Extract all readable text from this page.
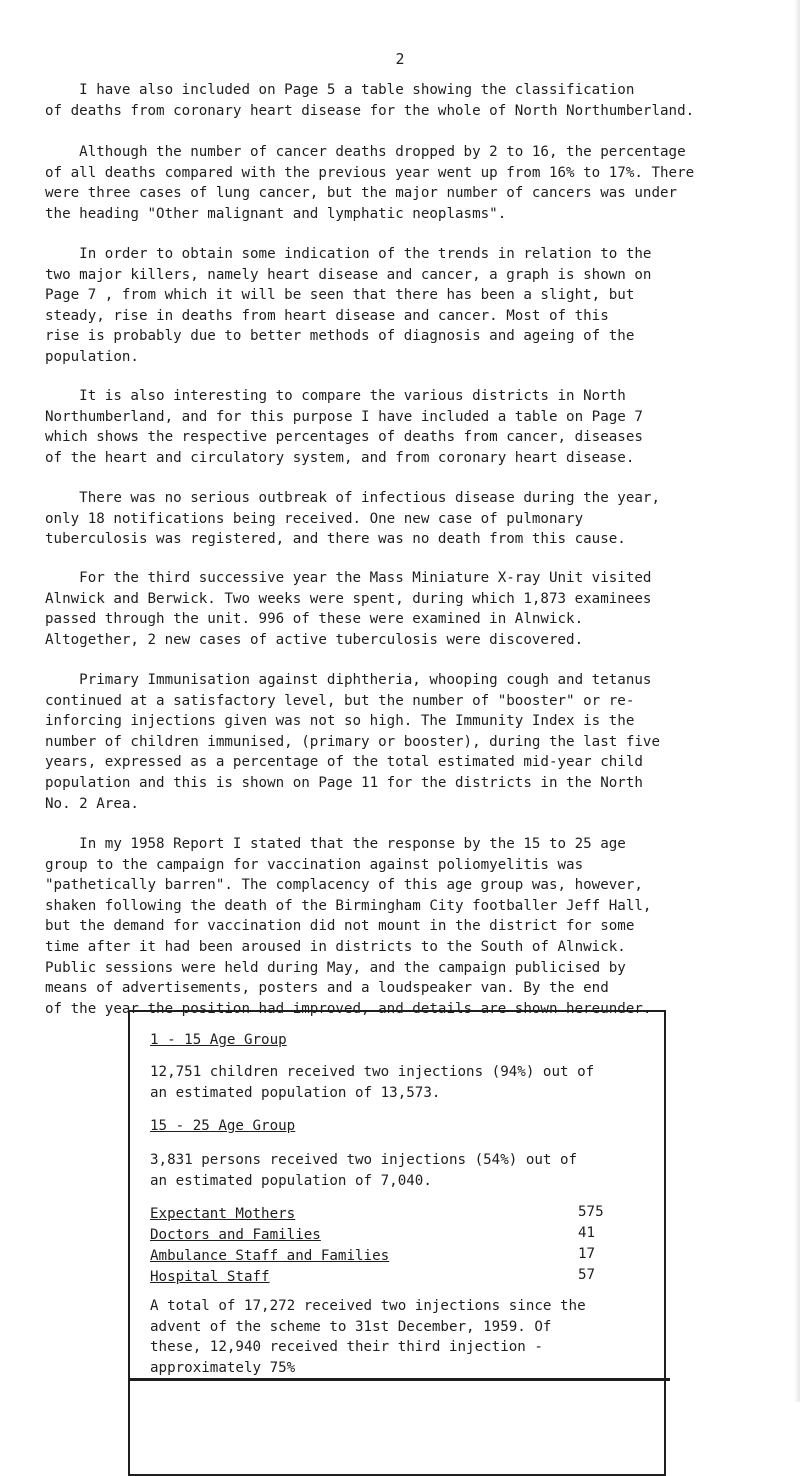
2

I have also included on Page 5 a table showing the classification
of deaths from coronary heart disease for the whole of North Northumberland.

Although the number of cancer deaths dropped by 2 to 16, the percentage
of all deaths compared with the previous year went up from 16% to 17%. There
were three cases of lung cancer, but the major number of cancers was under
the heading "Other malignant and lymphatic neoplasms".

In order to obtain some indication of the trends in relation to the
two major killers, namely heart disease and cancer, a graph is shown on
Page 7 , from which it will be seen that there has been a slight, but
steady, rise in deaths from heart disease and cancer. Most of this
rise is probably due to better methods of diagnosis and ageing of the
population.

It is also interesting to compare the various districts in North
Northumberland, and for this purpose I have included a table on Page 7
which shows the respective percentages of deaths from cancer, diseases
of the heart and circulatory system, and from coronary heart disease.

There was no serious outbreak of infectious disease during the year,
only 18 notifications being received. One new case of pulmonary
tuberculosis was registered, and there was no death from this cause.

For the third successive year the Mass Miniature X-ray Unit visited
Alnwick and Berwick. Two weeks were spent, during which 1,873 examinees
passed through the unit. 996 of these were examined in Alnwick.
Altogether, 2 new cases of active tuberculosis were discovered.

Primary Immunisation against diphtheria, whooping cough and tetanus
continued at a satisfactory level, but the number of "booster" or re-
inforcing injections given was not so high. The Immunity Index is the
number of children immunised, (primary or booster), during the last five
years, expressed as a percentage of the total estimated mid-year child
population and this is shown on Page 11 for the districts in the North
No. 2 Area.

In my 1958 Report I stated that the response by the 15 to 25 age
group to the campaign for vaccination against poliomyelitis was
"pathetically barren". The complacency of this age group was, however,
shaken following the death of the Birmingham City footballer Jeff Hall,
but the demand for vaccination did not mount in the district for some
time after it had been aroused in districts to the South of Alnwick.
Public sessions were held during May, and the campaign publicised by
means of advertisements, posters and a loudspeaker van. By the end
of the year the position had improved, and details are shown hereunder.

1 - 15 Age Group
12,751 children received two injections (94%) out of
an estimated population of 13,573.
15 - 25 Age Group
3,831 persons received two injections (54%) out of
an estimated population of 7,040.
Expectant Mothers	575
Doctors and Families	41
Ambulance Staff and Families	17
Hospital Staff	57
A total of 17,272 received two injections since the
advent of the scheme to 31st December, 1959. Of
these, 12,940 received their third injection -
approximately 75%
